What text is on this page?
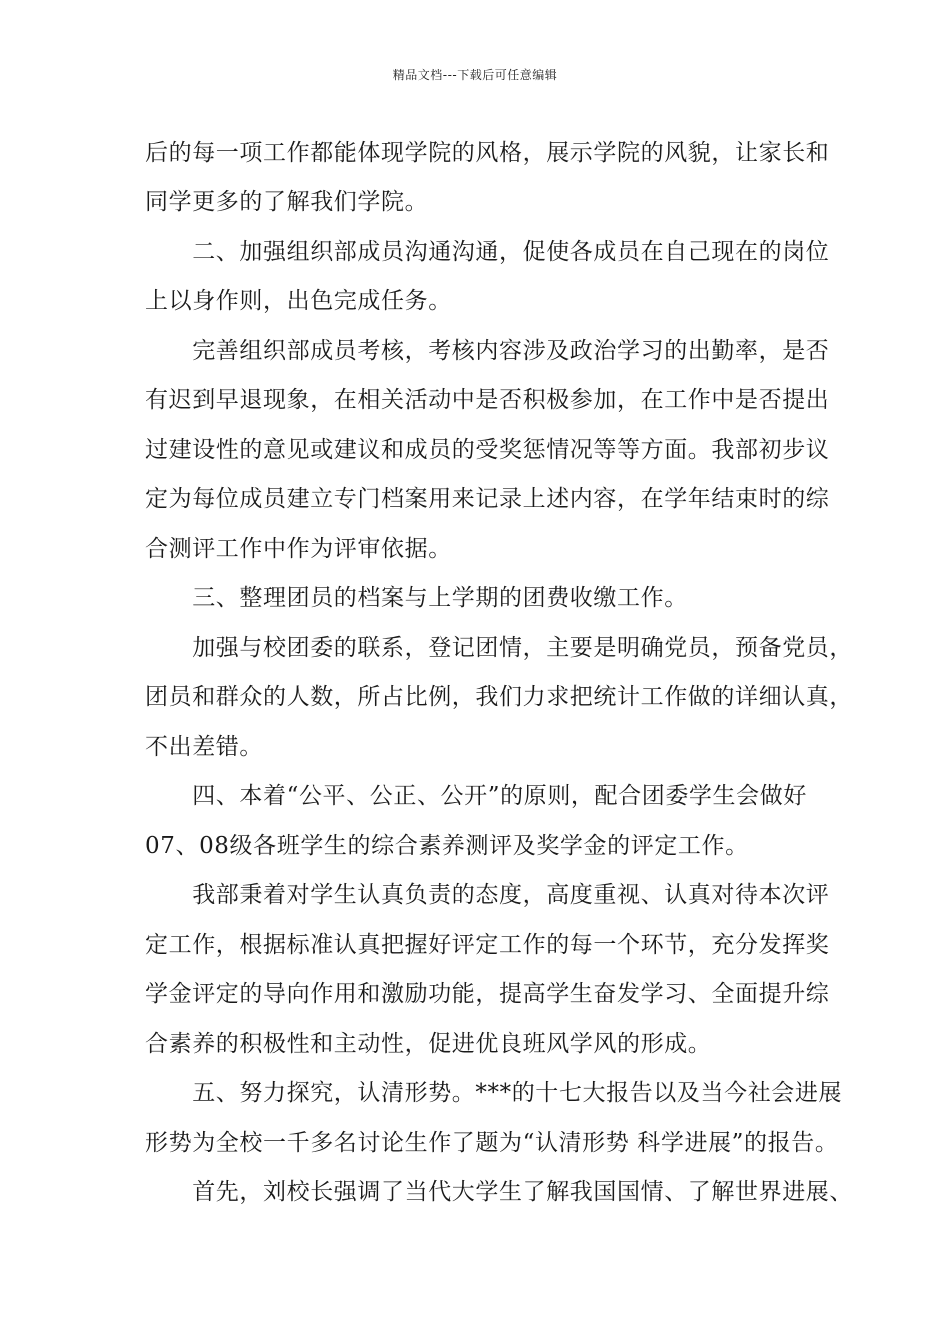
精品文档---下载后可任意编辑
后的每一项工作都能体现学院的风格，展示学院的风貌，让家长和
同学更多的了解我们学院。
　　二、加强组织部成员沟通沟通，促使各成员在自己现在的岗位
上以身作则，出色完成任务。
　　完善组织部成员考核，考核内容涉及政治学习的出勤率，是否
有迟到早退现象，在相关活动中是否积极参加，在工作中是否提出
过建设性的意见或建议和成员的受奖惩情况等等方面。我部初步议
定为每位成员建立专门档案用来记录上述内容，在学年结束时的综
合测评工作中作为评审依据。
　　三、整理团员的档案与上学期的团费收缴工作。
　　加强与校团委的联系，登记团情，主要是明确党员，预备党员，
团员和群众的人数，所占比例，我们力求把统计工作做的详细认真，
不出差错。
　　四、本着“公平、公正、公开”的原则，配合团委学生会做好
07、08级各班学生的综合素养测评及奖学金的评定工作。
　　我部秉着对学生认真负责的态度，高度重视、认真对待本次评
定工作，根据标准认真把握好评定工作的每一个环节，充分发挥奖
学金评定的导向作用和激励功能，提高学生奋发学习、全面提升综
合素养的积极性和主动性，促进优良班风学风的形成。
　　五、努力探究，认清形势。***的十七大报告以及当今社会进展
形势为全校一千多名讨论生作了题为“认清形势 科学进展”的报告。
　　首先，刘校长强调了当代大学生了解我国国情、了解世界进展、
